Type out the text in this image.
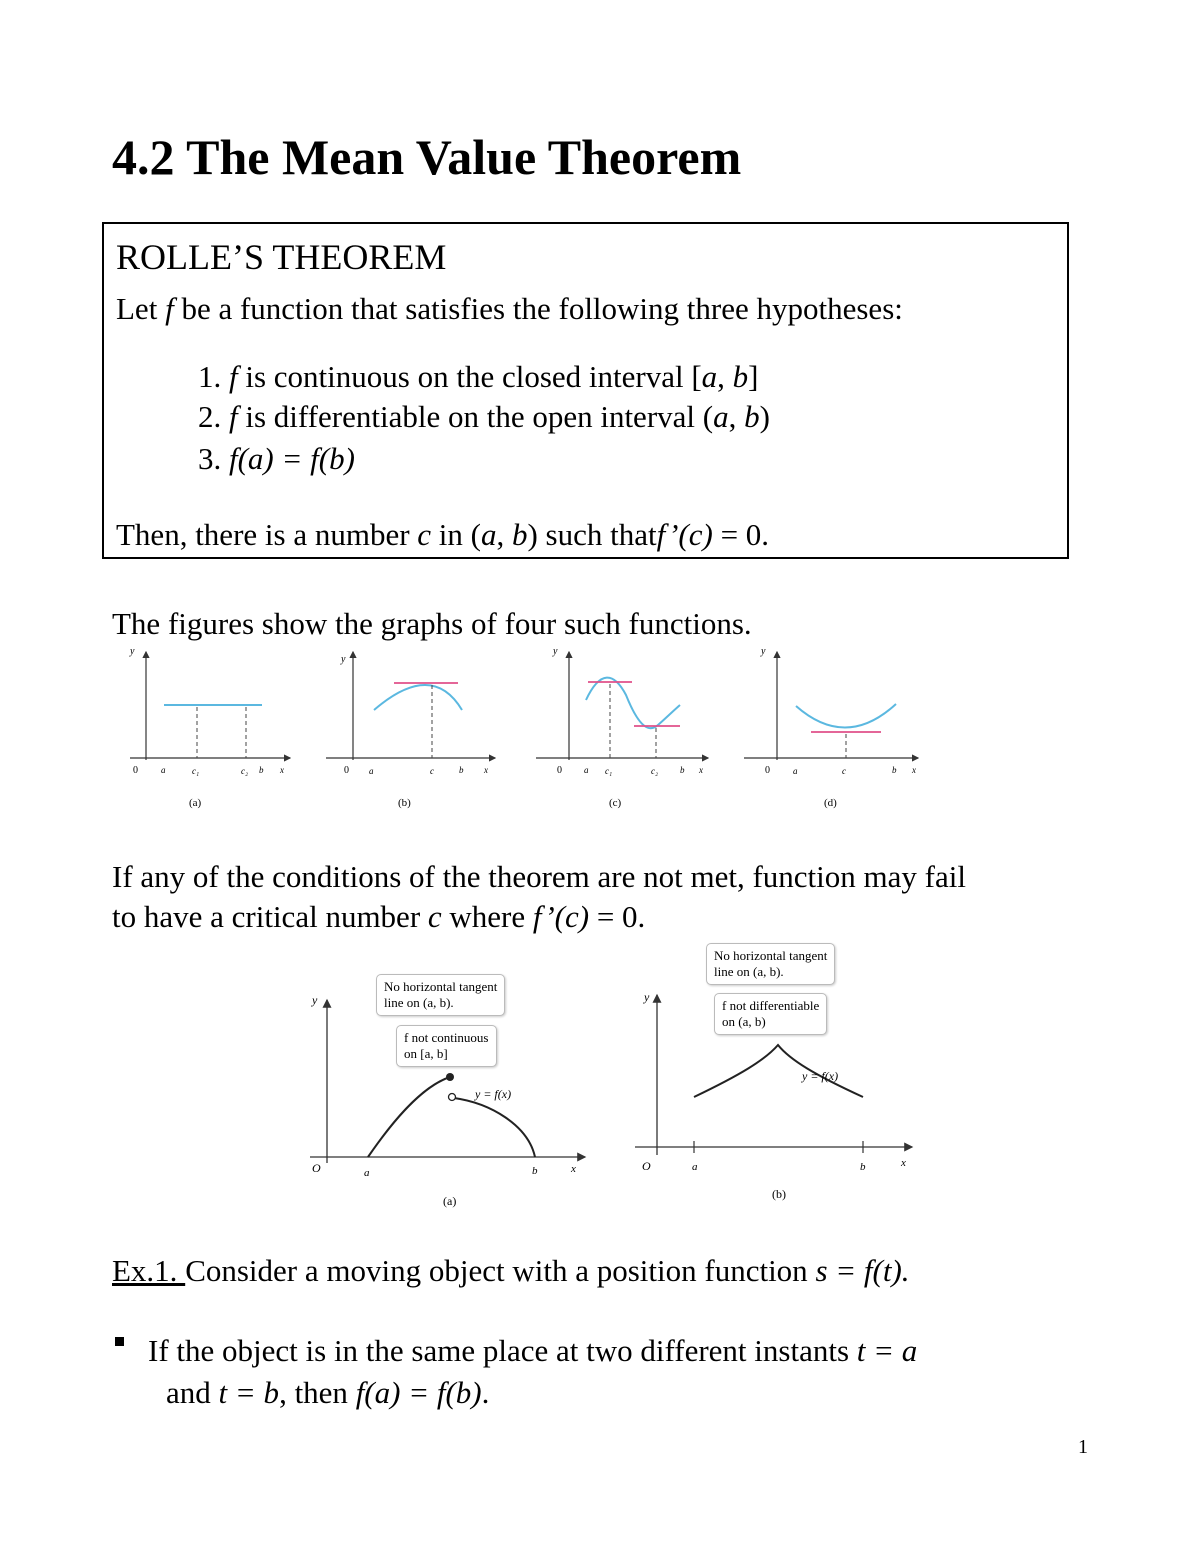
4.2 The Mean Value Theorem
ROLLE’S THEOREM
Let f be a function that satisfies the following three hypotheses:
1. f is continuous on the closed interval [a, b]
2. f is differentiable on the open interval (a, b)
3. f(a) = f(b)
Then, there is a number c in (a, b) such thatf’(c) = 0.
The figures show the graphs of four such functions.
y
0	a	c₁	c₂ b x
(a)
y
0 a	c	b x
(b)
y
0 a c₁	c₂ b x
(c)
y
0	a	c	b x
(d)
If any of the conditions of the theorem are not met, function may fail
to have a critical number c where f’(c) = 0.
y
O	a	b	x
y = f(x)
(a)
No horizontal tangent
line on (a, b).
f not continuous
on [a, b]
y
O	a	b	x
y = f(x)
(b)
No horizontal tangent
line on (a, b).
f not differentiable
on (a, b)
Ex.1. Consider a moving object with a position function s = f(t).
If the object is in the same place at two different instants t = a
and t = b, then f(a) = f(b).
1
